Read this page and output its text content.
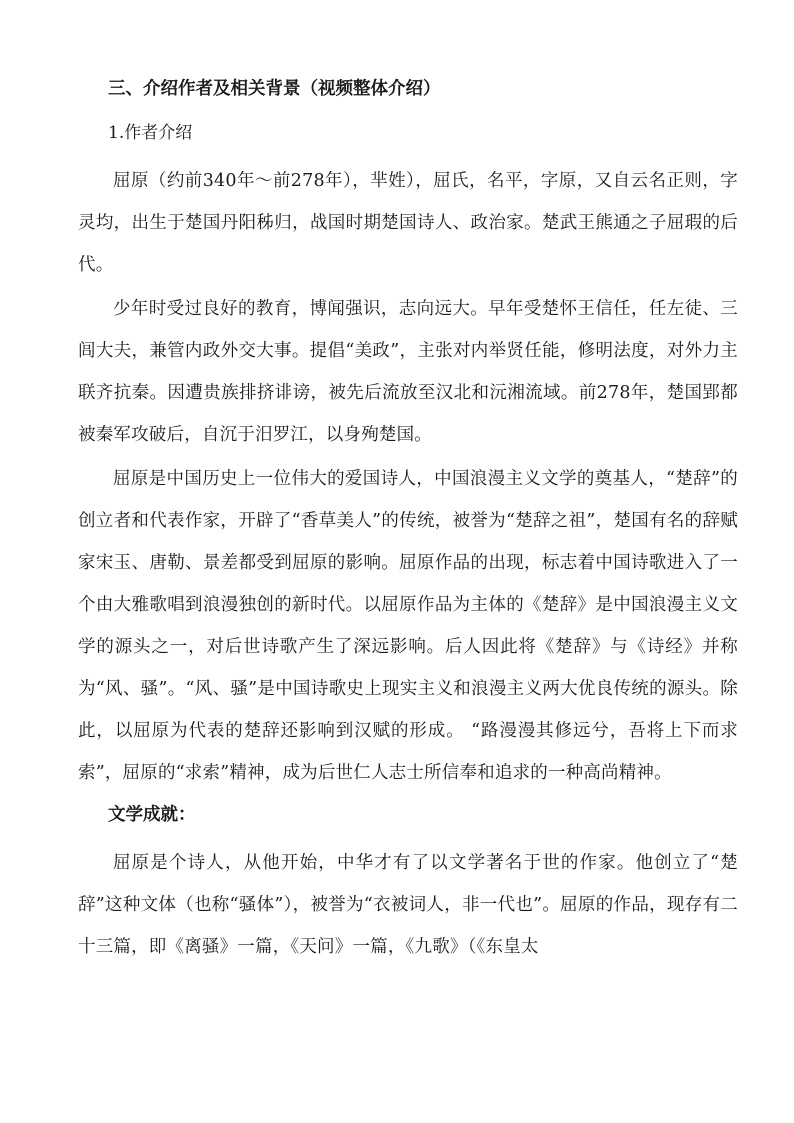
三、介绍作者及相关背景（视频整体介绍）
1.作者介绍

屈原（约前340年～前278年），芈姓），屈氏，名平，字原，又自云名正则，字灵均，出生于楚国丹阳秭归，战国时期楚国诗人、政治家。楚武王熊通之子屈瑕的后代。

少年时受过良好的教育，博闻强识，志向远大。早年受楚怀王信任，任左徒、三闾大夫，兼管内政外交大事。提倡“美政”，主张对内举贤任能，修明法度，对外力主联齐抗秦。因遭贵族排挤诽谤，被先后流放至汉北和沅湘流域。前278年，楚国郢都被秦军攻破后，自沉于汨罗江，以身殉楚国。

屈原是中国历史上一位伟大的爱国诗人，中国浪漫主义文学的奠基人，“楚辞”的创立者和代表作家，开辟了“香草美人”的传统，被誉为“楚辞之祖”，楚国有名的辞赋家宋玉、唐勒、景差都受到屈原的影响。屈原作品的出现，标志着中国诗歌进入了一个由大雅歌唱到浪漫独创的新时代。以屈原作品为主体的《楚辞》是中国浪漫主义文学的源头之一，对后世诗歌产生了深远影响。后人因此将《楚辞》与《诗经》并称为“风、骚”。“风、骚”是中国诗歌史上现实主义和浪漫主义两大优良传统的源头。除此，以屈原为代表的楚辞还影响到汉赋的形成。 “路漫漫其修远兮，吾将上下而求索”，屈原的“求索”精神，成为后世仁人志士所信奉和追求的一种高尚精神。

文学成就：

屈原是个诗人，从他开始，中华才有了以文学著名于世的作家。他创立了“楚辞”这种文体（也称“骚体”），被誉为“衣被词人，非一代也”。屈原的作品，现存有二十三篇，即《离骚》一篇，《天问》一篇，《九歌》（《东皇太
